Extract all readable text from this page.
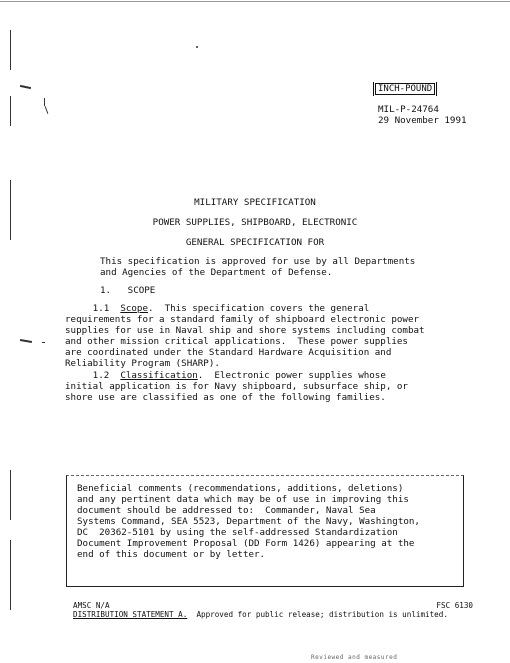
INCH-POUND
MIL-P-24764
29 November 1991
MILITARY SPECIFICATION
POWER SUPPLIES, SHIPBOARD, ELECTRONIC
GENERAL SPECIFICATION FOR
This specification is approved for use by all Departments
and Agencies of the Department of Defense.
1.   SCOPE
1.1  Scope.  This specification covers the general
requirements for a standard family of shipboard electronic power
supplies for use in Naval ship and shore systems including combat
and other mission critical applications.  These power supplies
are coordinated under the Standard Hardware Acquisition and
Reliability Program (SHARP).
1.2  Classification.  Electronic power supplies whose
initial application is for Navy shipboard, subsurface ship, or
shore use are classified as one of the following families.
Beneficial comments (recommendations, additions, deletions)
and any pertinent data which may be of use in improving this
document should be addressed to:  Commander, Naval Sea
Systems Command, SEA 5523, Department of the Navy, Washington,
DC  20362-5101 by using the self-addressed Standardization
Document Improvement Proposal (DD Form 1426) appearing at the
end of this document or by letter.
AMSC N/A	FSC 6130
DISTRIBUTION STATEMENT A.  Approved for public release; distribution is unlimited.
Reviewed and measured
